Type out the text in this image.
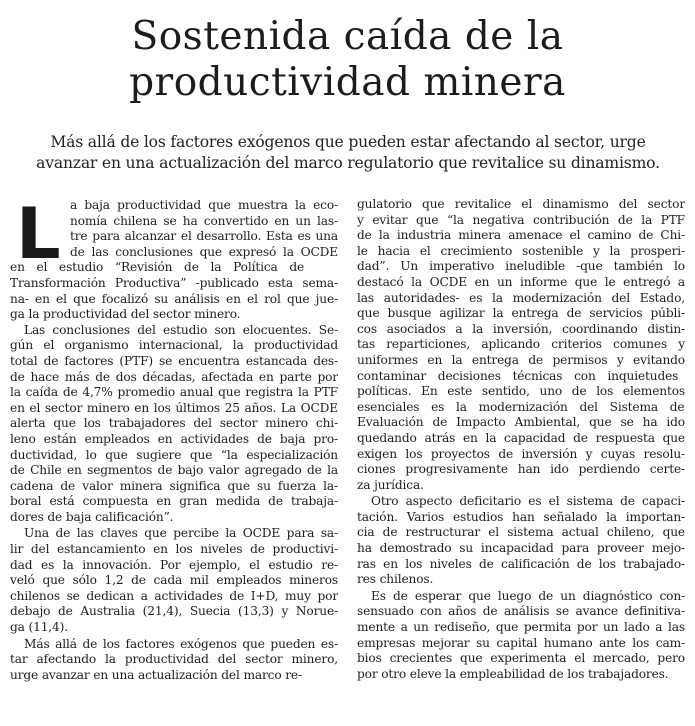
Sostenida caída de la
productividad minera

Más allá de los factores exógenos que pueden estar afectando al sector, urge
avanzar en una actualización del marco regulatorio que revitalice su dinamismo.

L a baja productividad que muestra la eco-
nomía chilena se ha convertido en un las-
tre para alcanzar el desarrollo. Esta es una
de las conclusiones que expresó la OCDE
en el estudio “Revisión de la Política de
Transformación Productiva” -publicado esta sema-
na- en el que focalizó su análisis en el rol que jue-
ga la productividad del sector minero.

Las conclusiones del estudio son elocuentes. Se-
gún el organismo internacional, la productividad
total de factores (PTF) se encuentra estancada des-
de hace más de dos décadas, afectada en parte por
la caída de 4,7% promedio anual que registra la PTF
en el sector minero en los últimos 25 años. La OCDE
alerta que los trabajadores del sector minero chi-
leno están empleados en actividades de baja pro-
ductividad, lo que sugiere que “la especialización
de Chile en segmentos de bajo valor agregado de la
cadena de valor minera significa que su fuerza la-
boral está compuesta en gran medida de trabaja-
dores de baja calificación”.

Una de las claves que percibe la OCDE para sa-
lir del estancamiento en los niveles de productivi-
dad es la innovación. Por ejemplo, el estudio re-
veló que sólo 1,2 de cada mil empleados mineros
chilenos se dedican a actividades de I+D, muy por
debajo de Australia (21,4), Suecia (13,3) y Norue-
ga (11,4).

Más allá de los factores exógenos que pueden es-
tar afectando la productividad del sector minero,
urge avanzar en una actualización del marco re-

gulatorio que revitalice el dinamismo del sector
y evitar que “la negativa contribución de la PTF
de la industria minera amenace el camino de Chi-
le hacia el crecimiento sostenible y la prosperi-
dad”. Un imperativo ineludible -que también lo
destacó la OCDE en un informe que le entregó a
las autoridades- es la modernización del Estado,
que busque agilizar la entrega de servicios públi-
cos asociados a la inversión, coordinando distin-
tas reparticiones, aplicando criterios comunes y
uniformes en la entrega de permisos y evitando
contaminar decisiones técnicas con inquietudes
políticas. En este sentido, uno de los elementos
esenciales es la modernización del Sistema de
Evaluación de Impacto Ambiental, que se ha ido
quedando atrás en la capacidad de respuesta que
exigen los proyectos de inversión y cuyas resolu-
ciones progresivamente han ido perdiendo certe-
za jurídica.

Otro aspecto deficitario es el sistema de capaci-
tación. Varios estudios han señalado la importan-
cia de restructurar el sistema actual chileno, que
ha demostrado su incapacidad para proveer mejo-
ras en los niveles de calificación de los trabajado-
res chilenos.

Es de esperar que luego de un diagnóstico con-
sensuado con años de análisis se avance definitiva-
mente a un rediseño, que permita por un lado a las
empresas mejorar su capital humano ante los cam-
bios crecientes que experimenta el mercado, pero
por otro eleve la empleabilidad de los trabajadores.
